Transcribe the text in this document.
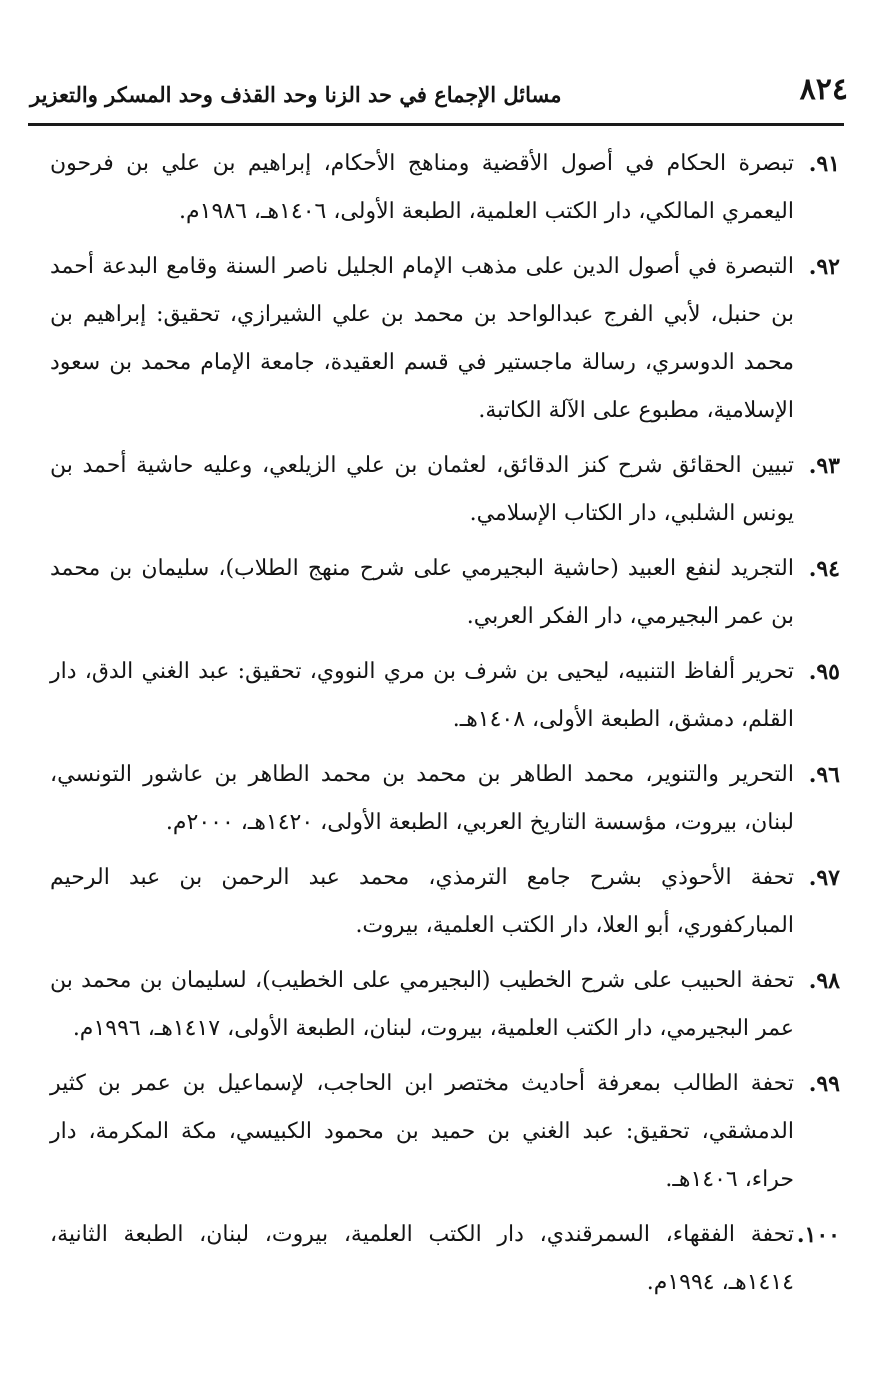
٨٢٤
مسائل الإجماع في حد الزنا وحد القذف وحد المسكر والتعزير
٩١.
تبصرة الحكام في أصول الأقضية ومناهج الأحكام، إبراهيم بن علي بن فرحون اليعمري المالكي، دار الكتب العلمية، الطبعة الأولى، ١٤٠٦هـ، ١٩٨٦م.
٩٢.
التبصرة في أصول الدين على مذهب الإمام الجليل ناصر السنة وقامع البدعة أحمد بن حنبل، لأبي الفرج عبدالواحد بن محمد بن علي الشيرازي، تحقيق: إبراهيم بن محمد الدوسري، رسالة ماجستير في قسم العقيدة، جامعة الإمام محمد بن سعود الإسلامية، مطبوع على الآلة الكاتبة.
٩٣.
تبيين الحقائق شرح كنز الدقائق، لعثمان بن علي الزيلعي، وعليه حاشية أحمد بن يونس الشلبي، دار الكتاب الإسلامي.
٩٤.
التجريد لنفع العبيد (حاشية البجيرمي على شرح منهج الطلاب)، سليمان بن محمد بن عمر البجيرمي، دار الفكر العربي.
٩٥.
تحرير ألفاظ التنبيه، ليحيى بن شرف بن مري النووي، تحقيق: عبد الغني الدق، دار القلم، دمشق، الطبعة الأولى، ١٤٠٨هـ.
٩٦.
التحرير والتنوير، محمد الطاهر بن محمد بن محمد الطاهر بن عاشور التونسي، لبنان، بيروت، مؤسسة التاريخ العربي، الطبعة الأولى، ١٤٢٠هـ، ٢٠٠٠م.
٩٧.
تحفة الأحوذي بشرح جامع الترمذي، محمد عبد الرحمن بن عبد الرحيم المباركفوري، أبو العلا، دار الكتب العلمية، بيروت.
٩٨.
تحفة الحبيب على شرح الخطيب (البجيرمي على الخطيب)، لسليمان بن محمد بن عمر البجيرمي، دار الكتب العلمية، بيروت، لبنان، الطبعة الأولى، ١٤١٧هـ، ١٩٩٦م.
٩٩.
تحفة الطالب بمعرفة أحاديث مختصر ابن الحاجب، لإسماعيل بن عمر بن كثير الدمشقي، تحقيق: عبد الغني بن حميد بن محمود الكبيسي، مكة المكرمة، دار حراء، ١٤٠٦هـ.
١٠٠.
تحفة الفقهاء، السمرقندي، دار الكتب العلمية، بيروت، لبنان، الطبعة الثانية، ١٤١٤هـ، ١٩٩٤م.
